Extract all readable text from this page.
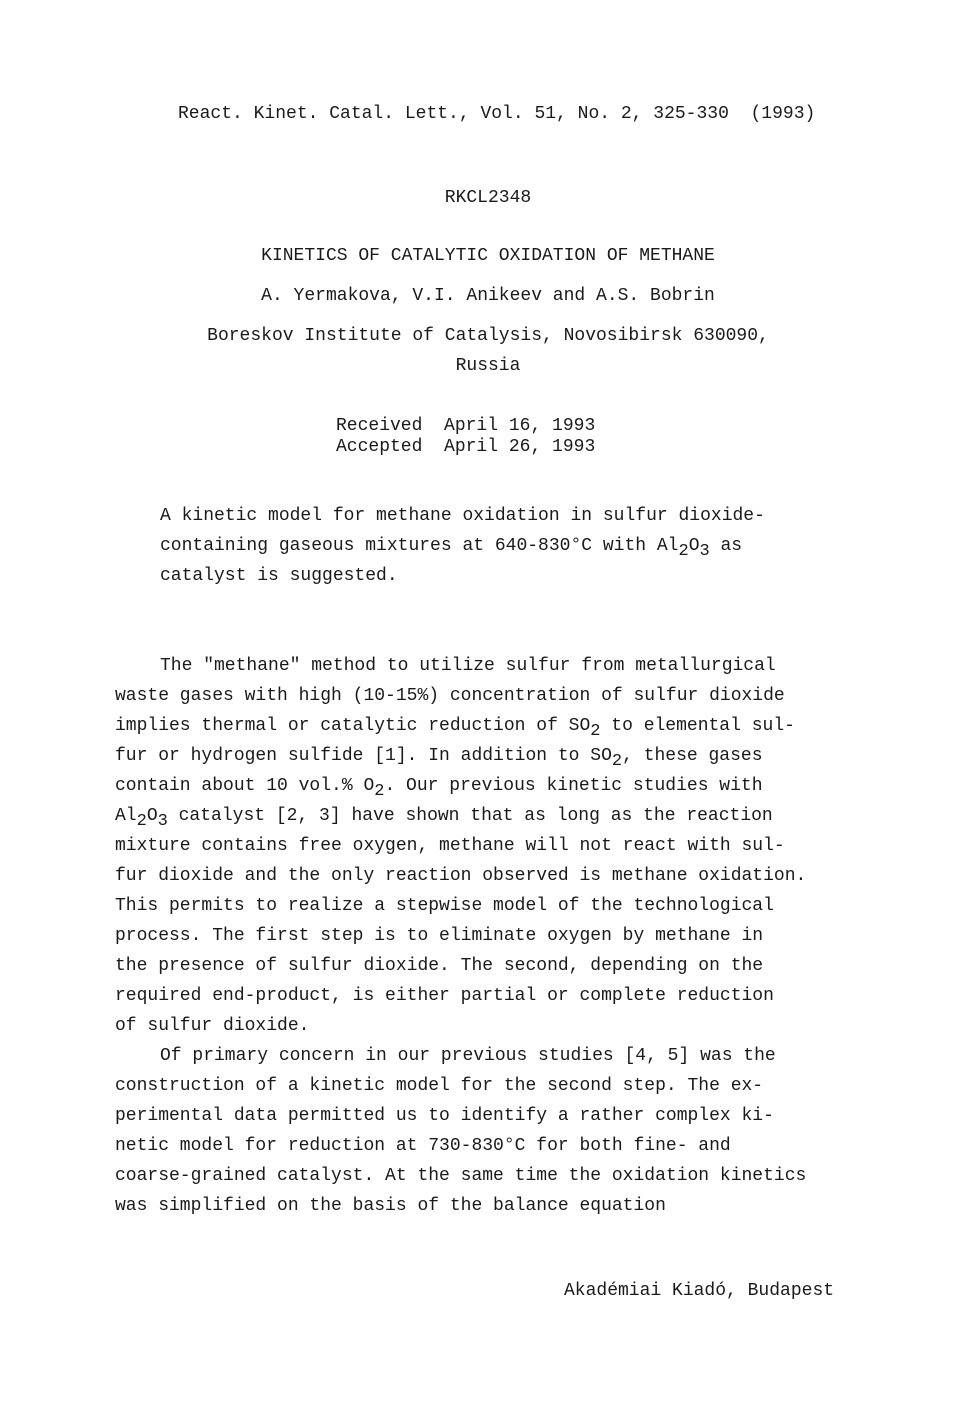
React. Kinet. Catal. Lett., Vol. 51, No. 2, 325-330  (1993)
RKCL2348
KINETICS OF CATALYTIC OXIDATION OF METHANE
A. Yermakova, V.I. Anikeev and A.S. Bobrin
Boreskov Institute of Catalysis, Novosibirsk 630090,
Russia
Received April 16, 1993
Accepted April 26, 1993
A kinetic model for methane oxidation in sulfur dioxide-
containing gaseous mixtures at 640-830°C with $Al_2O_3$ as
catalyst is suggested.
The "methane" method to utilize sulfur from metallurgical
waste gases with high (10-15%) concentration of sulfur dioxide
implies thermal or catalytic reduction of $SO_2$ to elemental sul-
fur or hydrogen sulfide [1]. In addition to $SO_2$, these gases
contain about 10 vol.% $O_2$. Our previous kinetic studies with
$Al_2O_3$ catalyst [2, 3] have shown that as long as the reaction
mixture contains free oxygen, methane will not react with sul-
fur dioxide and the only reaction observed is methane oxidation.
This permits to realize a stepwise model of the technological
process. The first step is to eliminate oxygen by methane in
the presence of sulfur dioxide. The second, depending on the
required end-product, is either partial or complete reduction
of sulfur dioxide.
Of primary concern in our previous studies [4, 5] was the
construction of a kinetic model for the second step. The ex-
perimental data permitted us to identify a rather complex ki-
netic model for reduction at 730-830°C for both fine- and
coarse-grained catalyst. At the same time the oxidation kinetics
was simplified on the basis of the balance equation
Akadémiai Kiadó, Budapest
